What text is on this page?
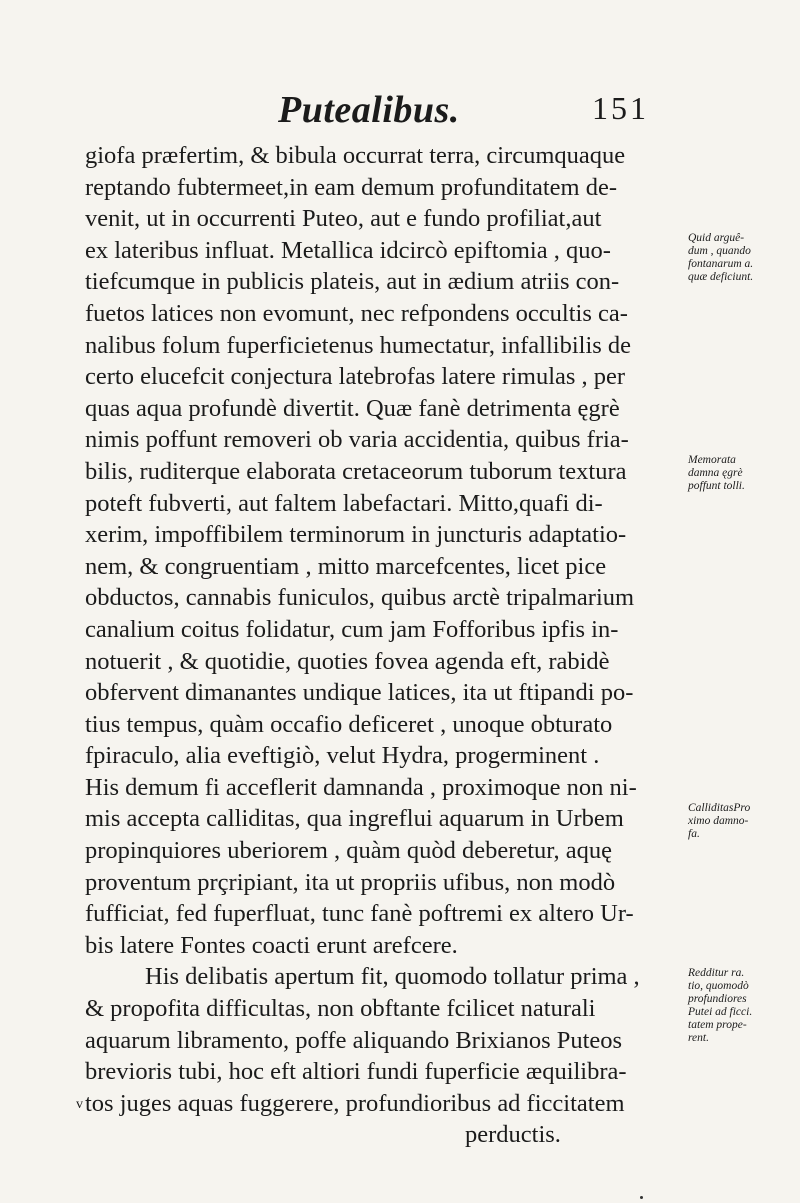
Putealibus.	151
giofa præfertim, & bibula occurrat terra, circumquaque
reptando fubtermeet,in eam demum profunditatem de-
venit, ut in occurrenti Puteo, aut e fundo profiliat,aut
ex lateribus influat. Metallica idcircò epiftomia , quo-
tiefcumque in publicis plateis, aut in ædium atriis con-
fuetos latices non evomunt, nec refpondens occultis ca-
nalibus folum fuperficietenus humectatur, infallibilis de
certo elucefcit conjectura latebrofas latere rimulas , per
quas aqua profundè divertit. Quæ fanè detrimenta ęgrè
nimis poffunt removeri ob varia accidentia, quibus fria-
bilis, ruditerque elaborata cretaceorum tuborum textura
poteft fubverti, aut faltem labefactari. Mitto,quafi di-
xerim, impoffibilem terminorum in juncturis adaptatio-
nem, & congruentiam , mitto marcefcentes, licet pice
obductos, cannabis funiculos, quibus arctè tripalmarium
canalium coitus folidatur, cum jam Fofforibus ipfis in-
notuerit , & quotidie, quoties fovea agenda eft, rabidè
obfervent dimanantes undique latices, ita ut ftipandi po-
tius tempus, quàm occafio deficeret , unoque obturato
fpiraculo, alia eveftigiò, velut Hydra, progerminent .
His demum fi acceflerit damnanda , proximoque non ni-
mis accepta calliditas, qua ingreflui aquarum in Urbem
propinquiores uberiorem , quàm quòd deberetur, aquę
proventum prçripiant, ita ut propriis ufibus, non modò
fufficiat, fed fuperfluat, tunc fanè poftremi ex altero Ur-
bis latere Fontes coacti erunt arefcere.
His delibatis apertum fit, quomodo tollatur prima ,
& propofita difficultas, non obftante fcilicet naturali
aquarum libramento, poffe aliquando Brixianos Puteos
brevioris tubi, hoc eft altiori fundi fuperficie æquilibra-
tos juges aquas fuggerere, profundioribus ad ficcitatem
perductis.
Quid arguê-
dum , quando
fontanarum a.
quæ deficiunt.
Memorata
damna ęgrè
poffunt tolli.
CalliditasPro
ximo damno-
fa.
Redditur ra.
tio, quomodò
profundiores
Putei ad ficci.
tatem prope-
rent.
v
